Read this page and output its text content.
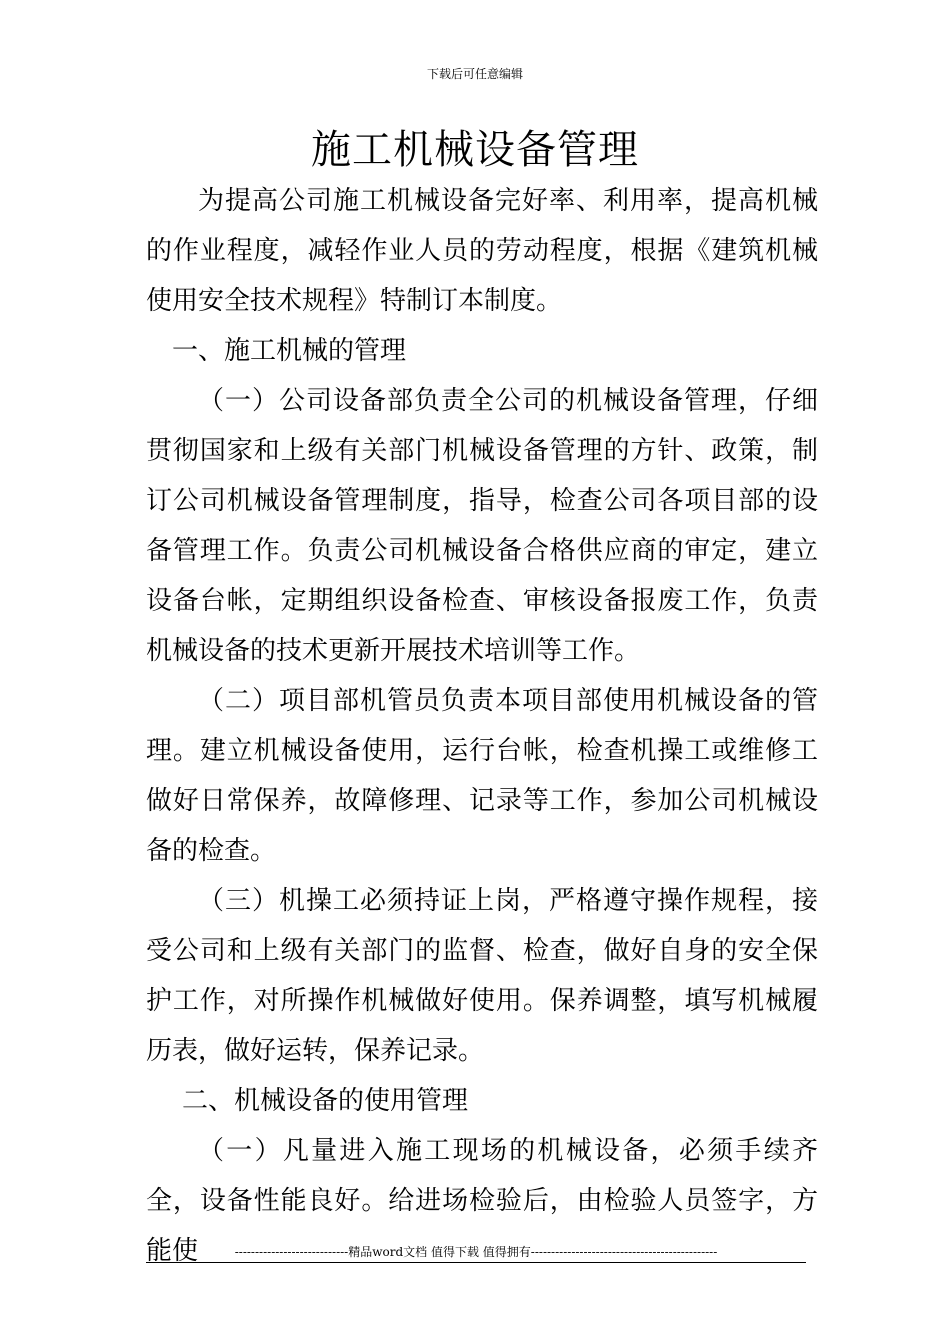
下载后可任意编辑
施工机械设备管理

为提高公司施工机械设备完好率、利用率，提高机械的作业程度，减轻作业人员的劳动程度，根据《建筑机械使用安全技术规程》特制订本制度。

一、施工机械的管理

（一）公司设备部负责全公司的机械设备管理，仔细贯彻国家和上级有关部门机械设备管理的方针、政策，制订公司机械设备管理制度，指导，检查公司各项目部的设备管理工作。负责公司机械设备合格供应商的审定，建立设备台帐，定期组织设备检查、审核设备报废工作，负责机械设备的技术更新开展技术培训等工作。

（二）项目部机管员负责本项目部使用机械设备的管理。建立机械设备使用，运行台帐，检查机操工或维修工做好日常保养，故障修理、记录等工作，参加公司机械设备的检查。

（三）机操工必须持证上岗，严格遵守操作规程，接受公司和上级有关部门的监督、检查，做好自身的安全保护工作，对所操作机械做好使用。保养调整，填写机械履历表，做好运转，保养记录。

二、机械设备的使用管理

（一）凡量进入施工现场的机械设备，必须手续齐全，设备性能良好。给进场检验后，由检验人员签字，方能使	----------------------------精品word文档 值得下载 值得拥有----------------------------------------------
